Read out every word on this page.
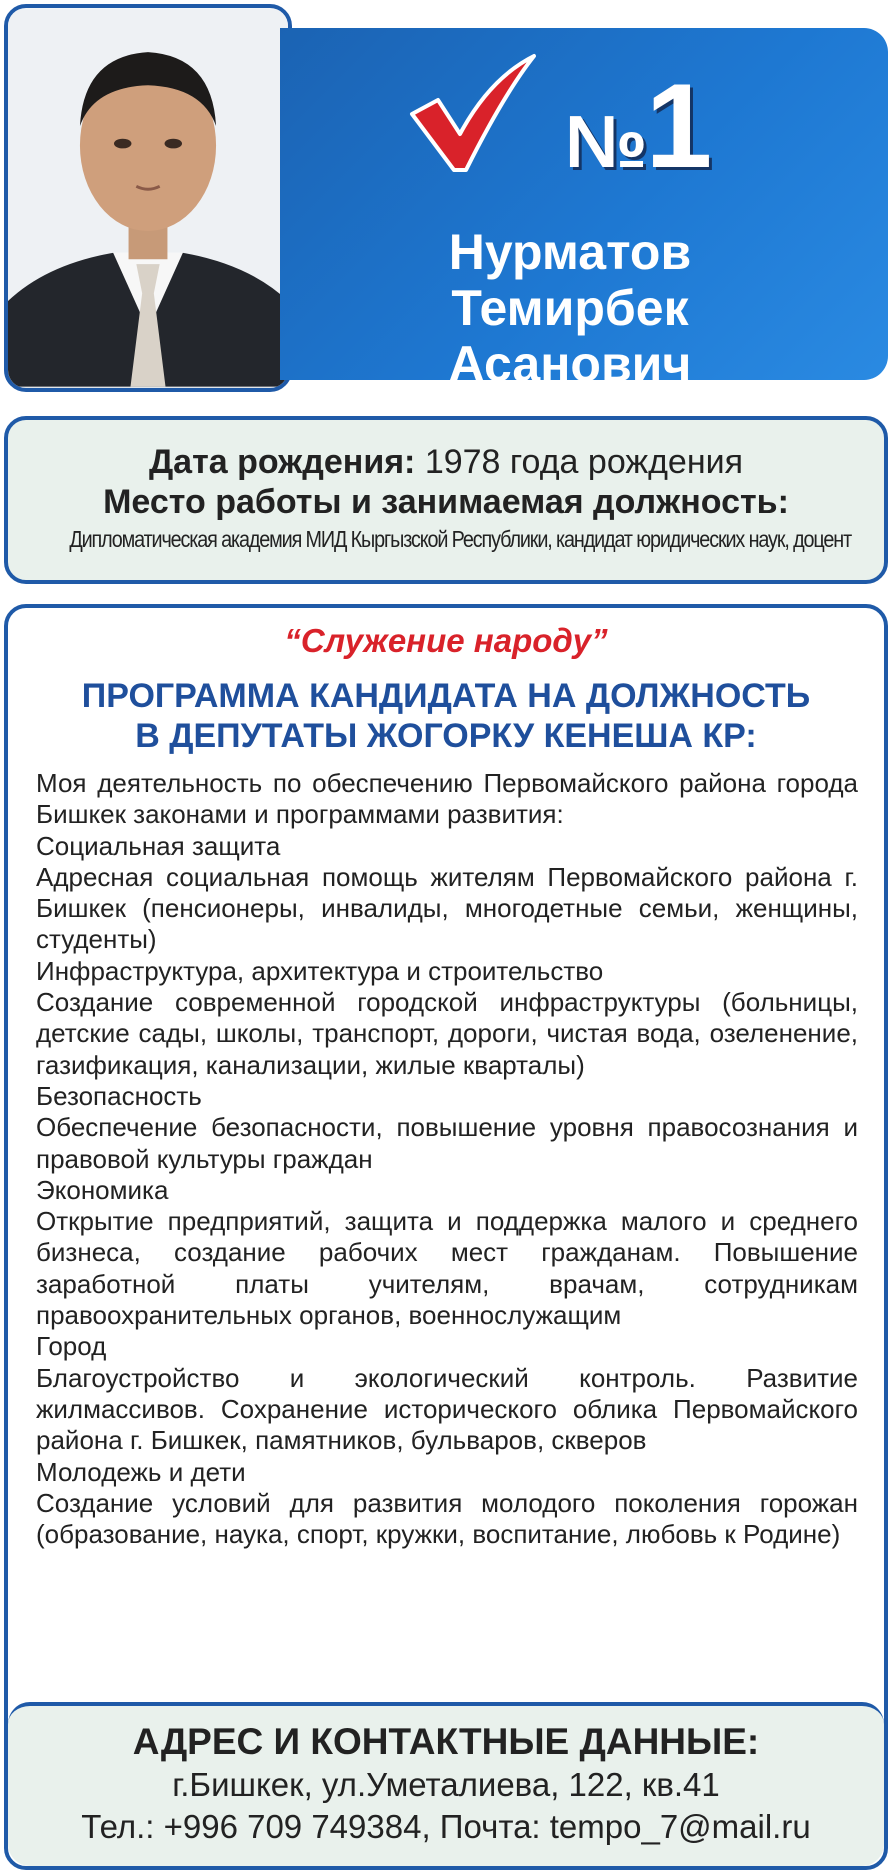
№1
Нурматов
Темирбек
Асанович
Дата рождения: 1978 года рождения
Место работы и занимаемая должность:
Дипломатическая академия МИД Кыргызской Республики, кандидат юридических наук, доцент
“Служение народу”
ПРОГРАММА КАНДИДАТА НА ДОЛЖНОСТЬ
В ДЕПУТАТЫ ЖОГОРКУ КЕНЕША КР:

Моя деятельность по обеспечению Первомайского района города Бишкек законами и программами развития:

Социальная защита

Адресная социальная помощь жителям Первомайского района г. Бишкек (пенсионеры, инвалиды, многодетные семьи, женщины, студенты)

Инфраструктура, архитектура и строительство

Создание современной городской инфраструктуры (больницы, детские сады, школы, транспорт, дороги, чистая вода, озеленение, газификация, канализации, жилые кварталы)

Безопасность

Обеспечение безопасности, повышение уровня правосознания и правовой культуры граждан

Экономика

Открытие предприятий, защита и поддержка малого и среднего бизнеса, создание рабочих мест гражданам. Повышение заработной платы учителям, врачам, сотрудникам правоохранительных органов, военнослужащим

Город

Благоустройство и экологический контроль. Развитие жилмассивов. Сохранение исторического облика Первомайского района г. Бишкек, памятников, бульваров, скверов

Молодежь и дети

Создание условий для развития молодого поколения горожан (образование, наука, спорт, кружки, воспитание, любовь к Родине)

АДРЕС И КОНТАКТНЫЕ ДАННЫЕ:
г.Бишкек, ул.Уметалиева, 122, кв.41
Тел.: +996 709 749384, Почта: tempo_7@mail.ru
